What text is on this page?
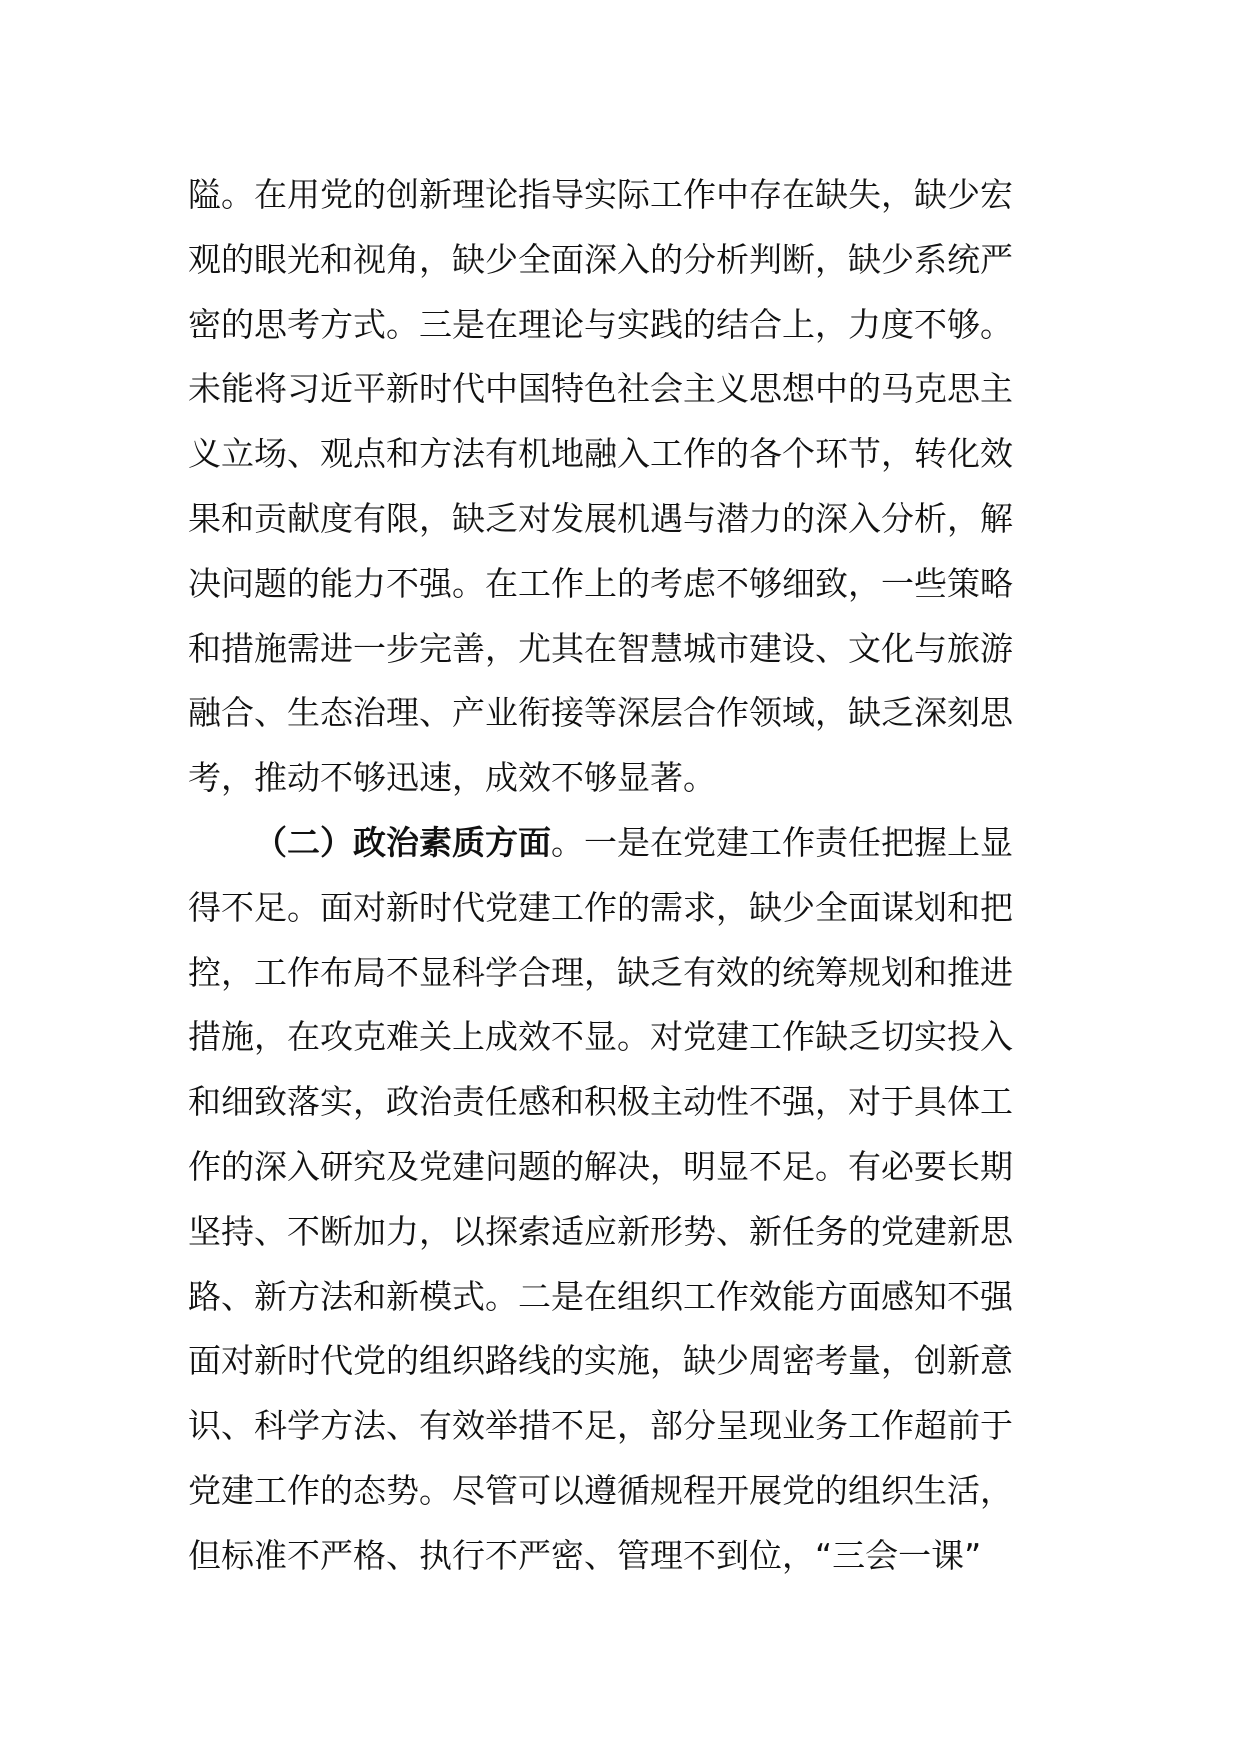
隘。在用党的创新理论指导实际工作中存在缺失，缺少宏
观的眼光和视角，缺少全面深入的分析判断，缺少系统严
密的思考方式。三是在理论与实践的结合上，力度不够。
未能将习近平新时代中国特色社会主义思想中的马克思主
义立场、观点和方法有机地融入工作的各个环节，转化效
果和贡献度有限，缺乏对发展机遇与潜力的深入分析，解
决问题的能力不强。在工作上的考虑不够细致，一些策略
和措施需进一步完善，尤其在智慧城市建设、文化与旅游
融合、生态治理、产业衔接等深层合作领域，缺乏深刻思
考，推动不够迅速，成效不够显著。
（二）政治素质方面。一是在党建工作责任把握上显
得不足。面对新时代党建工作的需求，缺少全面谋划和把
控，工作布局不显科学合理，缺乏有效的统筹规划和推进
措施，在攻克难关上成效不显。对党建工作缺乏切实投入
和细致落实，政治责任感和积极主动性不强，对于具体工
作的深入研究及党建问题的解决，明显不足。有必要长期
坚持、不断加力，以探索适应新形势、新任务的党建新思
路、新方法和新模式。二是在组织工作效能方面感知不强
面对新时代党的组织路线的实施，缺少周密考量，创新意
识、科学方法、有效举措不足，部分呈现业务工作超前于
党建工作的态势。尽管可以遵循规程开展党的组织生活，
但标准不严格、执行不严密、管理不到位，“三会一课”
